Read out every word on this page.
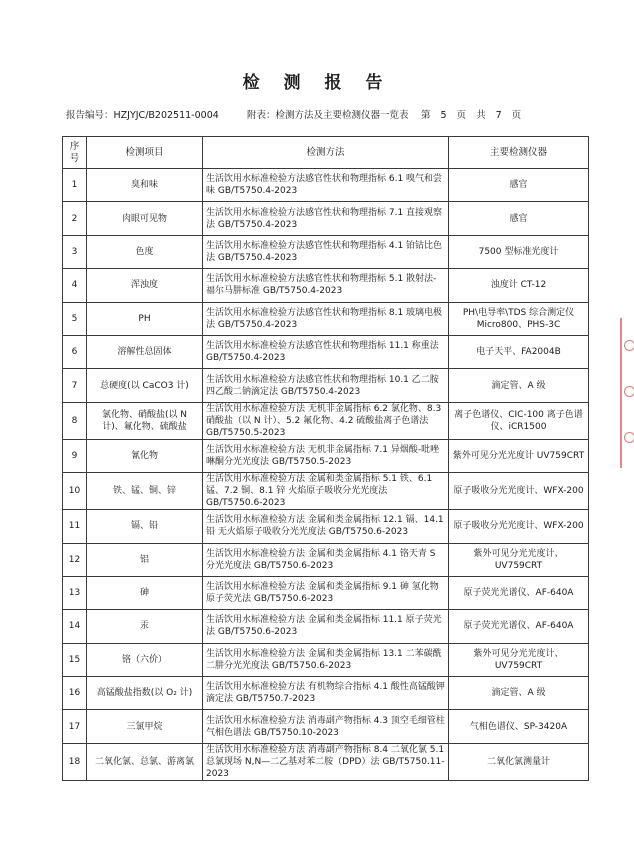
检 测 报 告
报告编号：HZJYJC/B202511-0004	附表：检测方法及主要检测仪器一览表 第 5 页 共 7 页
序号	检测项目	检测方法	主要检测仪器
1	臭和味	生活饮用水标准检验方法感官性状和物理指标 6.1 嗅气和尝味 GB/T5750.4-2023	感官
2	肉眼可见物	生活饮用水标准检验方法感官性状和物理指标 7.1 直接观察法 GB/T5750.4-2023	感官
3	色度	生活饮用水标准检验方法感官性状和物理指标 4.1 铂钴比色法 GB/T5750.4-2023	7500 型标准光度计
4	浑浊度	生活饮用水标准检验方法感官性状和物理指标 5.1 散射法-福尔马肼标准 GB/T5750.4-2023	浊度计 CT-12
5	PH	生活饮用水标准检验方法感官性状和物理指标 8.1 玻璃电极法 GB/T5750.4-2023	PH\电导率\TDS 综合测定仪 Micro800、PHS-3C
6	溶解性总固体	生活饮用水标准检验方法感官性状和物理指标 11.1 称重法 GB/T5750.4-2023	电子天平、FA2004B
7	总硬度(以 CaCO3 计)	生活饮用水标准检验方法感官性状和物理指标 10.1 乙二胺四乙酸二钠滴定法 GB/T5750.4-2023	滴定管、A 级
8	氯化物、硝酸盐(以 N 计)、氟化物、硫酸盐	生活饮用水标准检验方法 无机非金属指标 6.2 氯化物、8.3 硝酸盐（以 N 计）、5.2 氟化物、4.2 硫酸盐离子色谱法 GB/T5750.5-2023	离子色谱仪、CIC-100 离子色谱仪、iCR1500
9	氰化物	生活饮用水标准检验方法 无机非金属指标 7.1 异烟酸-吡唑啉酮分光光度法 GB/T5750.5-2023	紫外可见分光光度计 UV759CRT
10	铁、锰、铜、锌	生活饮用水标准检验方法 金属和类金属指标 5.1 铁、6.1 锰、7.2 铜、8.1 锌 火焰原子吸收分光光度法 GB/T5750.6-2023	原子吸收分光光度计、WFX-200
11	镉、铅	生活饮用水标准检验方法 金属和类金属指标 12.1 镉、14.1 铅 无火焰原子吸收分光光度法 GB/T5750.6-2023	原子吸收分光光度计、WFX-200
12	铝	生活饮用水标准检验方法 金属和类金属指标 4.1 铬天青 S 分光光度法 GB/T5750.6-2023	紫外可见分光光度计、UV759CRT
13	砷	生活饮用水标准检验方法 金属和类金属指标 9.1 砷 氢化物原子荧光法 GB/T5750.6-2023	原子荧光光谱仪、AF-640A
14	汞	生活饮用水标准检验方法 金属和类金属指标 11.1 原子荧光法 GB/T5750.6-2023	原子荧光光谱仪、AF-640A
15	铬（六价）	生活饮用水标准检验方法 金属和类金属指标 13.1 二苯碳酰二肼分光光度法 GB/T5750.6-2023	紫外可见分光光度计、UV759CRT
16	高锰酸盐指数(以 O₂ 计)	生活饮用水标准检验方法 有机物综合指标 4.1 酸性高锰酸钾滴定法 GB/T5750.7-2023	滴定管、A 级
17	三氯甲烷	生活饮用水标准检验方法 消毒副产物指标 4.3 顶空毛细管柱气相色谱法 GB/T5750.10-2023	气相色谱仪、SP-3420A
18	二氧化氯、总氯、游离氯	生活饮用水标准检验方法 消毒副产物指标 8.4 二氧化氯 5.1 总氯现场 N,N—二乙基对苯二胺（DPD）法 GB/T5750.11-2023	二氧化氯测量计
